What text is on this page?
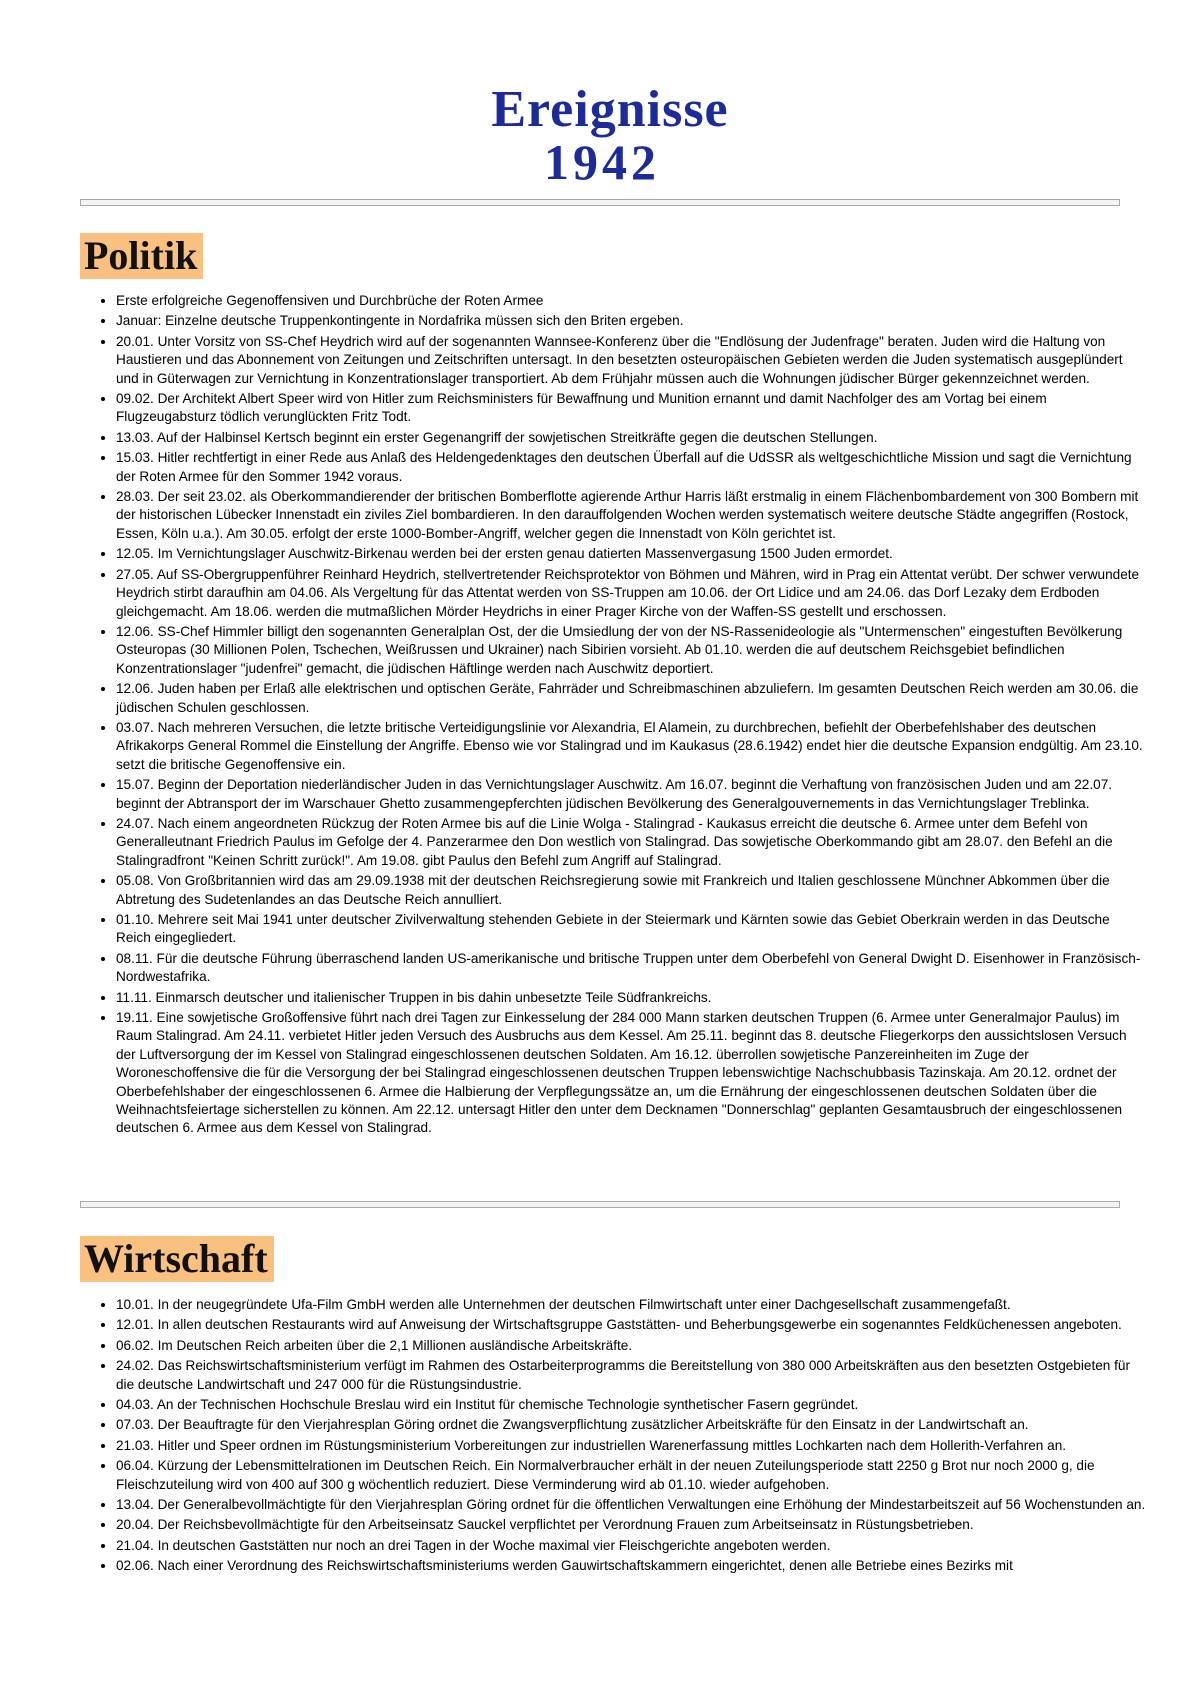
Ereignisse
1942
Politik
• Erste erfolgreiche Gegenoffensiven und Durchbrüche der Roten Armee
• Januar: Einzelne deutsche Truppenkontingente in Nordafrika müssen sich den Briten ergeben.
• 20.01. Unter Vorsitz von SS-Chef Heydrich wird auf der sogenannten Wannsee-Konferenz über die "Endlösung der Judenfrage" beraten. Juden wird die Haltung von Haustieren und das Abonnement von Zeitungen und Zeitschriften untersagt. In den besetzten osteuropäischen Gebieten werden die Juden systematisch ausgeplündert und in Güterwagen zur Vernichtung in Konzentrationslager transportiert. Ab dem Frühjahr müssen auch die Wohnungen jüdischer Bürger gekennzeichnet werden.
• 09.02. Der Architekt Albert Speer wird von Hitler zum Reichsministers für Bewaffnung und Munition ernannt und damit Nachfolger des am Vortag bei einem Flugzeugabsturz tödlich verunglückten Fritz Todt.
• 13.03. Auf der Halbinsel Kertsch beginnt ein erster Gegenangriff der sowjetischen Streitkräfte gegen die deutschen Stellungen.
• 15.03. Hitler rechtfertigt in einer Rede aus Anlaß des Heldengedenktages den deutschen Überfall auf die UdSSR als weltgeschichtliche Mission und sagt die Vernichtung der Roten Armee für den Sommer 1942 voraus.
• 28.03. Der seit 23.02. als Oberkommandierender der britischen Bomberflotte agierende Arthur Harris läßt erstmalig in einem Flächenbombardement von 300 Bombern mit der historischen Lübecker Innenstadt ein ziviles Ziel bombardieren. In den darauffolgenden Wochen werden systematisch weitere deutsche Städte angegriffen (Rostock, Essen, Köln u.a.). Am 30.05. erfolgt der erste 1000-Bomber-Angriff, welcher gegen die Innenstadt von Köln gerichtet ist.
• 12.05. Im Vernichtungslager Auschwitz-Birkenau werden bei der ersten genau datierten Massenvergasung 1500 Juden ermordet.
• 27.05. Auf SS-Obergruppenführer Reinhard Heydrich, stellvertretender Reichsprotektor von Böhmen und Mähren, wird in Prag ein Attentat verübt. Der schwer verwundete Heydrich stirbt daraufhin am 04.06. Als Vergeltung für das Attentat werden von SS-Truppen am 10.06. der Ort Lidice und am 24.06. das Dorf Lezaky dem Erdboden gleichgemacht. Am 18.06. werden die mutmaßlichen Mörder Heydrichs in einer Prager Kirche von der Waffen-SS gestellt und erschossen.
• 12.06. SS-Chef Himmler billigt den sogenannten Generalplan Ost, der die Umsiedlung der von der NS-Rassenideologie als "Untermenschen" eingestuften Bevölkerung Osteuropas (30 Millionen Polen, Tschechen, Weißrussen und Ukrainer) nach Sibirien vorsieht. Ab 01.10. werden die auf deutschem Reichsgebiet befindlichen Konzentrationslager "judenfrei" gemacht, die jüdischen Häftlinge werden nach Auschwitz deportiert.
• 12.06. Juden haben per Erlaß alle elektrischen und optischen Geräte, Fahrräder und Schreibmaschinen abzuliefern. Im gesamten Deutschen Reich werden am 30.06. die jüdischen Schulen geschlossen.
• 03.07. Nach mehreren Versuchen, die letzte britische Verteidigungslinie vor Alexandria, El Alamein, zu durchbrechen, befiehlt der Oberbefehlshaber des deutschen Afrikakorps General Rommel die Einstellung der Angriffe. Ebenso wie vor Stalingrad und im Kaukasus (28.6.1942) endet hier die deutsche Expansion endgültig. Am 23.10. setzt die britische Gegenoffensive ein.
• 15.07. Beginn der Deportation niederländischer Juden in das Vernichtungslager Auschwitz. Am 16.07. beginnt die Verhaftung von französischen Juden und am 22.07. beginnt der Abtransport der im Warschauer Ghetto zusammengepferchten jüdischen Bevölkerung des Generalgouvernements in das Vernichtungslager Treblinka.
• 24.07. Nach einem angeordneten Rückzug der Roten Armee bis auf die Linie Wolga - Stalingrad - Kaukasus erreicht die deutsche 6. Armee unter dem Befehl von Generalleutnant Friedrich Paulus im Gefolge der 4. Panzerarmee den Don westlich von Stalingrad. Das sowjetische Oberkommando gibt am 28.07. den Befehl an die Stalingradfront "Keinen Schritt zurück!". Am 19.08. gibt Paulus den Befehl zum Angriff auf Stalingrad.
• 05.08. Von Großbritannien wird das am 29.09.1938 mit der deutschen Reichsregierung sowie mit Frankreich und Italien geschlossene Münchner Abkommen über die Abtretung des Sudetenlandes an das Deutsche Reich annulliert.
• 01.10. Mehrere seit Mai 1941 unter deutscher Zivilverwaltung stehenden Gebiete in der Steiermark und Kärnten sowie das Gebiet Oberkrain werden in das Deutsche Reich eingegliedert.
• 08.11. Für die deutsche Führung überraschend landen US-amerikanische und britische Truppen unter dem Oberbefehl von General Dwight D. Eisenhower in Französisch-Nordwestafrika.
• 11.11. Einmarsch deutscher und italienischer Truppen in bis dahin unbesetzte Teile Südfrankreichs.
• 19.11. Eine sowjetische Großoffensive führt nach drei Tagen zur Einkesselung der 284 000 Mann starken deutschen Truppen (6. Armee unter Generalmajor Paulus) im Raum Stalingrad. Am 24.11. verbietet Hitler jeden Versuch des Ausbruchs aus dem Kessel. Am 25.11. beginnt das 8. deutsche Fliegerkorps den aussichtslosen Versuch der Luftversorgung der im Kessel von Stalingrad eingeschlossenen deutschen Soldaten. Am 16.12. überrollen sowjetische Panzereinheiten im Zuge der Woroneschoffensive die für die Versorgung der bei Stalingrad eingeschlossenen deutschen Truppen lebenswichtige Nachschubbasis Tazinskaja. Am 20.12. ordnet der Oberbefehlshaber der eingeschlossenen 6. Armee die Halbierung der Verpflegungssätze an, um die Ernährung der eingeschlossenen deutschen Soldaten über die Weihnachtsfeiertage sicherstellen zu können. Am 22.12. untersagt Hitler den unter dem Decknamen "Donnerschlag" geplanten Gesamtausbruch der eingeschlossenen deutschen 6. Armee aus dem Kessel von Stalingrad.
Wirtschaft
• 10.01. In der neugegründete Ufa-Film GmbH werden alle Unternehmen der deutschen Filmwirtschaft unter einer Dachgesellschaft zusammengefaßt.
• 12.01. In allen deutschen Restaurants wird auf Anweisung der Wirtschaftsgruppe Gaststätten- und Beherbungsgewerbe ein sogenanntes Feldküchenessen angeboten.
• 06.02. Im Deutschen Reich arbeiten über die 2,1 Millionen ausländische Arbeitskräfte.
• 24.02. Das Reichswirtschaftsministerium verfügt im Rahmen des Ostarbeiterprogramms die Bereitstellung von 380 000 Arbeitskräften aus den besetzten Ostgebieten für die deutsche Landwirtschaft und 247 000 für die Rüstungsindustrie.
• 04.03. An der Technischen Hochschule Breslau wird ein Institut für chemische Technologie synthetischer Fasern gegründet.
• 07.03. Der Beauftragte für den Vierjahresplan Göring ordnet die Zwangsverpflichtung zusätzlicher Arbeitskräfte für den Einsatz in der Landwirtschaft an.
• 21.03. Hitler und Speer ordnen im Rüstungsministerium Vorbereitungen zur industriellen Warenerfassung mittles Lochkarten nach dem Hollerith-Verfahren an.
• 06.04. Kürzung der Lebensmittelrationen im Deutschen Reich. Ein Normalverbraucher erhält in der neuen Zuteilungsperiode statt 2250 g Brot nur noch 2000 g, die Fleischzuteilung wird von 400 auf 300 g wöchentlich reduziert. Diese Verminderung wird ab 01.10. wieder aufgehoben.
• 13.04. Der Generalbevollmächtigte für den Vierjahresplan Göring ordnet für die öffentlichen Verwaltungen eine Erhöhung der Mindestarbeitszeit auf 56 Wochenstunden an.
• 20.04. Der Reichsbevollmächtigte für den Arbeitseinsatz Sauckel verpflichtet per Verordnung Frauen zum Arbeitseinsatz in Rüstungsbetrieben.
• 21.04. In deutschen Gaststätten nur noch an drei Tagen in der Woche maximal vier Fleischgerichte angeboten werden.
• 02.06. Nach einer Verordnung des Reichswirtschaftsministeriums werden Gauwirtschaftskammern eingerichtet, denen alle Betriebe eines Bezirks mit
